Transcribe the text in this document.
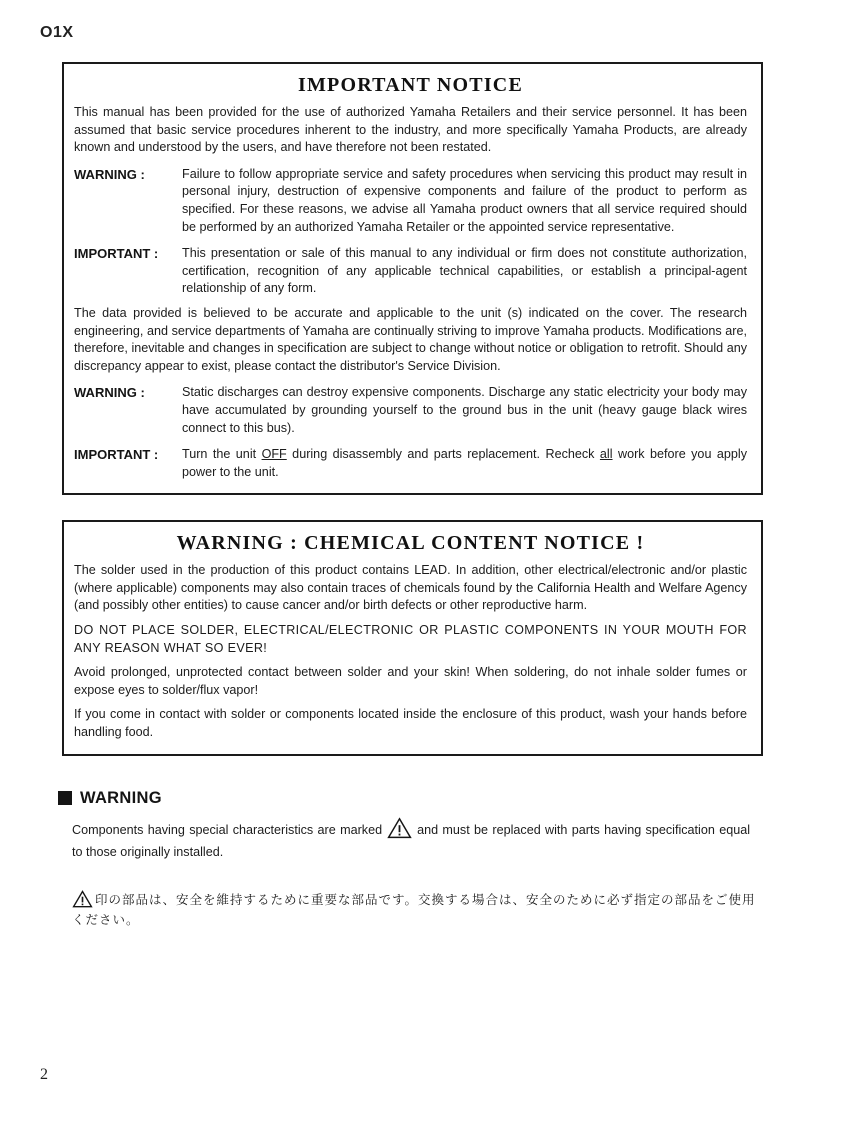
O1X
IMPORTANT NOTICE

This manual has been provided for the use of authorized Yamaha Retailers and their service personnel. It has been assumed that basic service procedures inherent to the industry, and more specifically Yamaha Products, are already known and understood by the users, and have therefore not been restated.

WARNING :	Failure to follow appropriate service and safety procedures when servicing this product may result in personal injury, destruction of expensive components and failure of the product to perform as specified. For these reasons, we advise all Yamaha product owners that all service required should be performed by an authorized Yamaha Retailer or the appointed service representative.

IMPORTANT :	This presentation or sale of this manual to any individual or firm does not constitute authorization, certification, recognition of any applicable technical capabilities, or establish a principal-agent relationship of any form.

The data provided is believed to be accurate and applicable to the unit (s) indicated on the cover. The research engineering, and service departments of Yamaha are continually striving to improve Yamaha products. Modifications are, therefore, inevitable and changes in specification are subject to change without notice or obligation to retrofit. Should any discrepancy appear to exist, please contact the distributor's Service Division.

WARNING :	Static discharges can destroy expensive components. Discharge any static electricity your body may have accumulated by grounding yourself to the ground bus in the unit (heavy gauge black wires connect to this bus).

IMPORTANT :	Turn the unit OFF during disassembly and parts replacement. Recheck all work before you apply power to the unit.

WARNING : CHEMICAL CONTENT NOTICE !

The solder used in the production of this product contains LEAD. In addition, other electrical/electronic and/or plastic (where applicable) components may also contain traces of chemicals found by the California Health and Welfare Agency (and possibly other entities) to cause cancer and/or birth defects or other reproductive harm.

DO NOT PLACE SOLDER, ELECTRICAL/ELECTRONIC OR PLASTIC COMPONENTS IN YOUR MOUTH FOR ANY REASON WHAT SO EVER!

Avoid prolonged, unprotected contact between solder and your skin! When soldering, do not inhale solder fumes or expose eyes to solder/flux vapor!

If you come in contact with solder or components located inside the enclosure of this product, wash your hands before handling food.

WARNING

Components having special characteristics are marked	and must be replaced with parts having specification equal to those originally installed.

印の部品は、安全を維持するために重要な部品です。交換する場合は、安全のために必ず指定の部品をご使用ください。

2
